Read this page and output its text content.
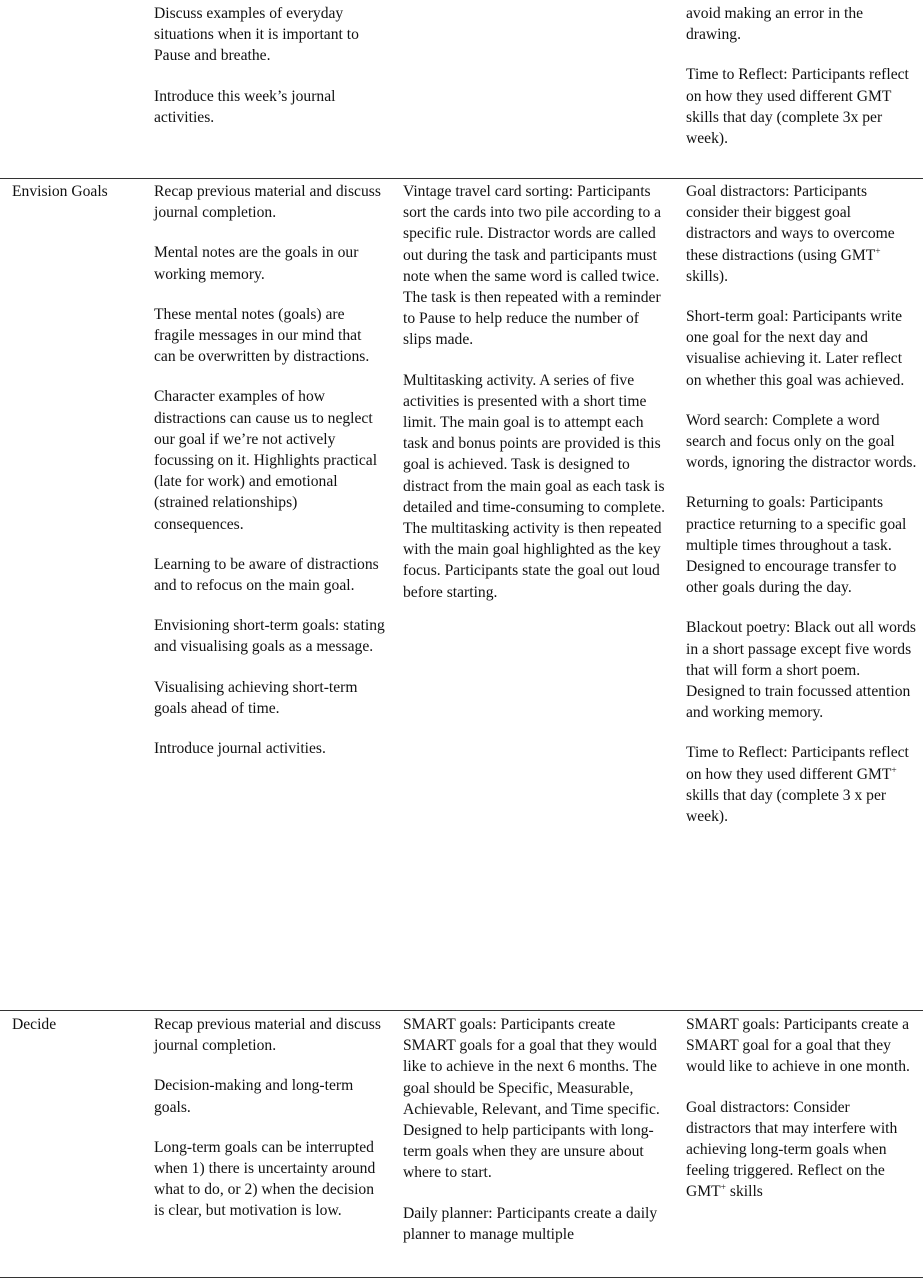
Discuss examples of everyday situations when it is important to Pause and breathe.

Introduce this week’s journal activities.

avoid making an error in the drawing.

Time to Reflect: Participants reflect on how they used different GMT skills that day (complete 3x per week).

Envision Goals	Recap previous material and discuss journal completion.

Mental notes are the goals in our working memory.

These mental notes (goals) are fragile messages in our mind that can be overwritten by distractions.

Character examples of how distractions can cause us to neglect our goal if we’re not actively focussing on it. Highlights practical (late for work) and emotional (strained relationships) consequences.

Learning to be aware of distractions and to refocus on the main goal.

Envisioning short-term goals: stating and visualising goals as a message.

Visualising achieving short-term goals ahead of time.

Introduce journal activities.

Vintage travel card sorting: Participants sort the cards into two pile according to a specific rule. Distractor words are called out during the task and participants must note when the same word is called twice. The task is then repeated with a reminder to Pause to help reduce the number of slips made.

Multitasking activity. A series of five activities is presented with a short time limit. The main goal is to attempt each task and bonus points are provided is this goal is achieved. Task is designed to distract from the main goal as each task is detailed and time-consuming to complete. The multitasking activity is then repeated with the main goal highlighted as the key focus. Participants state the goal out loud before starting.

Goal distractors: Participants consider their biggest goal distractors and ways to overcome these distractions (using GMT+ skills).

Short-term goal: Participants write one goal for the next day and visualise achieving it. Later reflect on whether this goal was achieved.

Word search: Complete a word search and focus only on the goal words, ignoring the distractor words.

Returning to goals: Participants practice returning to a specific goal multiple times throughout a task. Designed to encourage transfer to other goals during the day.

Blackout poetry: Black out all words in a short passage except five words that will form a short poem. Designed to train focussed attention and working memory.

Time to Reflect: Participants reflect on how they used different GMT+ skills that day (complete 3 x per week).

Decide	Recap previous material and discuss journal completion.

Decision-making and long-term goals.

Long-term goals can be interrupted when 1) there is uncertainty around what to do, or 2) when the decision is clear, but motivation is low.

SMART goals: Participants create SMART goals for a goal that they would like to achieve in the next 6 months. The goal should be Specific, Measurable, Achievable, Relevant, and Time specific. Designed to help participants with long-term goals when they are unsure about where to start.

Daily planner: Participants create a daily planner to manage multiple

SMART goals: Participants create a SMART goal for a goal that they would like to achieve in one month.

Goal distractors: Consider distractors that may interfere with achieving long-term goals when feeling triggered. Reflect on the GMT+ skills
